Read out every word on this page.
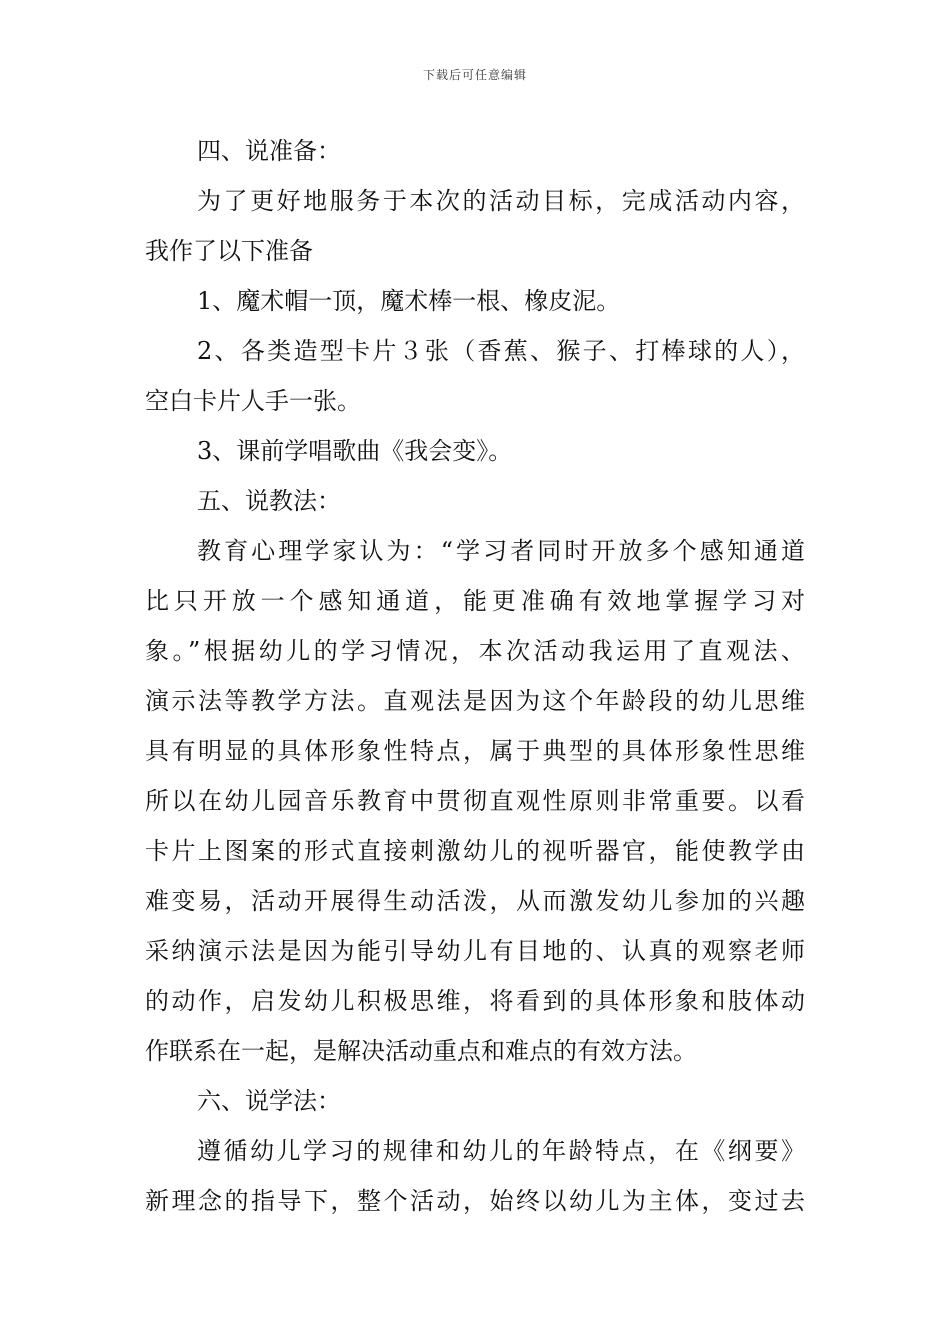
下载后可任意编辑
四、说准备：
为了更好地服务于本次的活动目标，完成活动内容，
我作了以下准备
1、魔术帽一顶，魔术棒一根、橡皮泥。
2、各类造型卡片３张（香蕉、猴子、打棒球的人），
空白卡片人手一张。
3、课前学唱歌曲《我会变》。
五、说教法：
教育心理学家认为：“学习者同时开放多个感知通道
比只开放一个感知通道，能更准确有效地掌握学习对
象。”根据幼儿的学习情况，本次活动我运用了直观法、
演示法等教学方法。直观法是因为这个年龄段的幼儿思维
具有明显的具体形象性特点，属于典型的具体形象性思维
所以在幼儿园音乐教育中贯彻直观性原则非常重要。以看
卡片上图案的形式直接刺激幼儿的视听器官，能使教学由
难变易，活动开展得生动活泼，从而激发幼儿参加的兴趣
采纳演示法是因为能引导幼儿有目地的、认真的观察老师
的动作，启发幼儿积极思维，将看到的具体形象和肢体动
作联系在一起，是解决活动重点和难点的有效方法。
六、说学法：
遵循幼儿学习的规律和幼儿的年龄特点，在《纲要》
新理念的指导下，整个活动，始终以幼儿为主体，变过去
